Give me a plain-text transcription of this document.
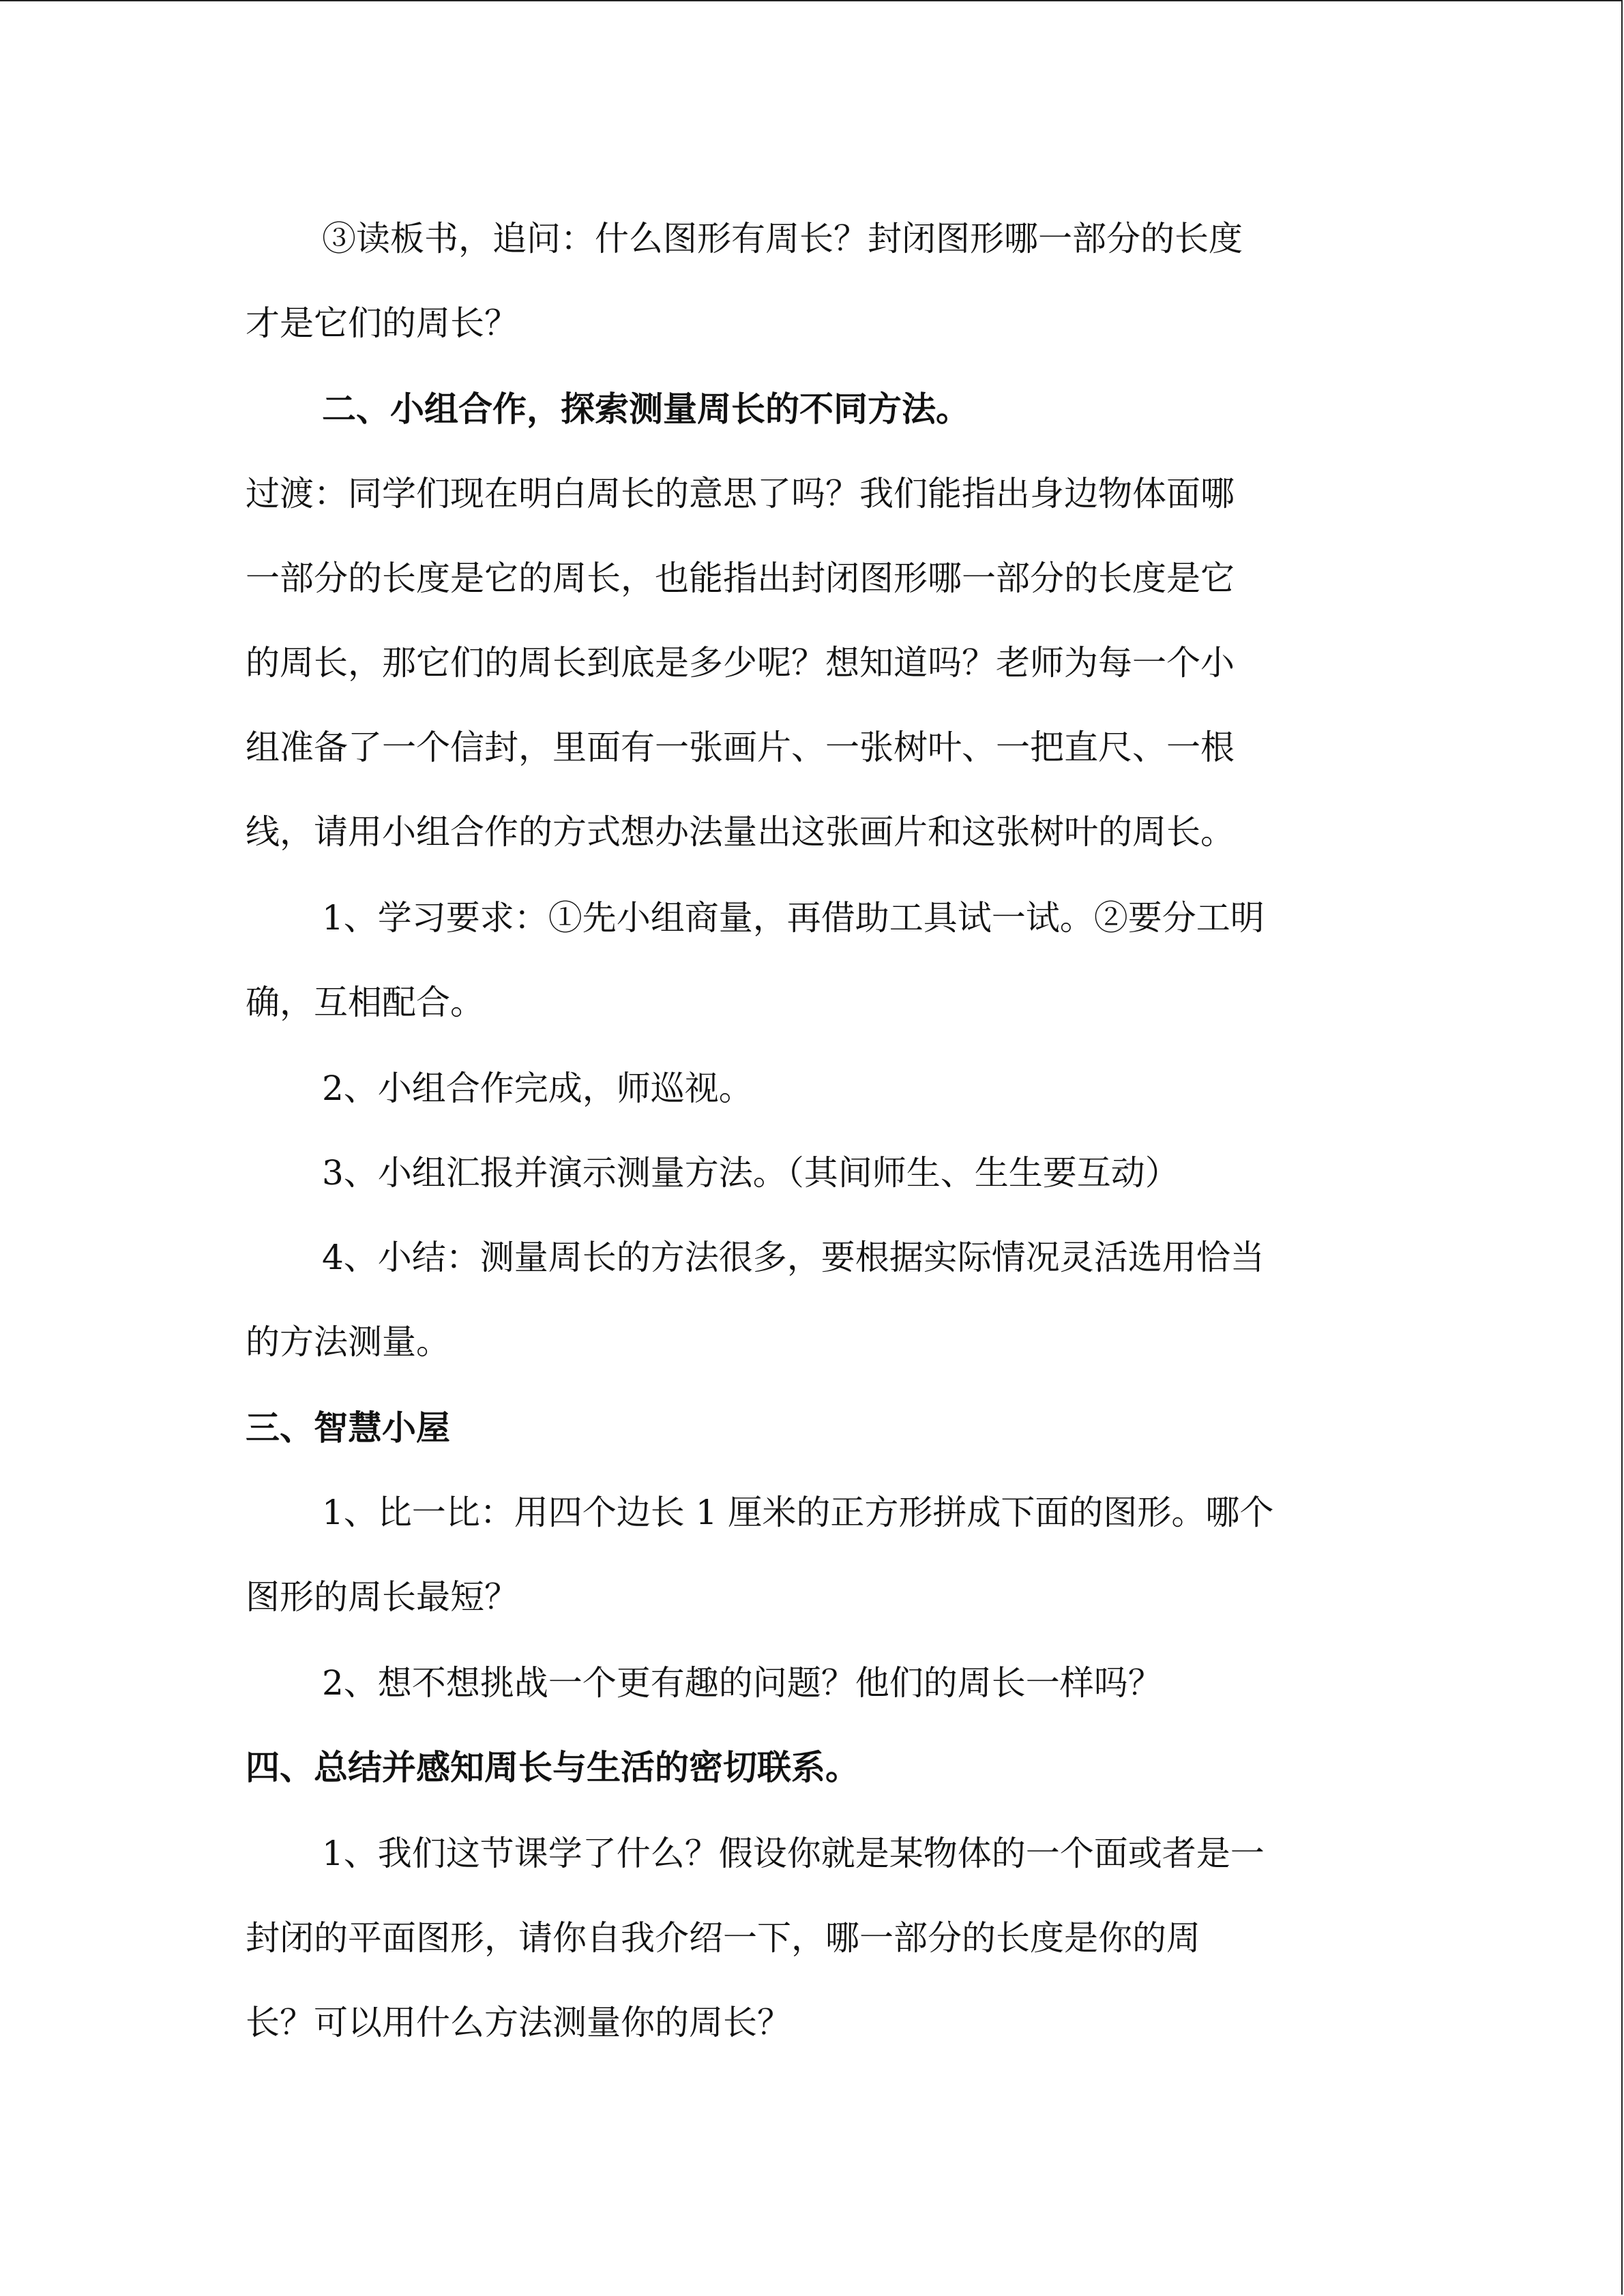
③读板书，追问：什么图形有周长？封闭图形哪一部分的长度
才是它们的周长？
二、小组合作，探索测量周长的不同方法。
过渡：同学们现在明白周长的意思了吗？我们能指出身边物体面哪
一部分的长度是它的周长，也能指出封闭图形哪一部分的长度是它
的周长，那它们的周长到底是多少呢？想知道吗？老师为每一个小
组准备了一个信封，里面有一张画片、一张树叶、一把直尺、一根
线，请用小组合作的方式想办法量出这张画片和这张树叶的周长。
1、学习要求：①先小组商量，再借助工具试一试。②要分工明
确，互相配合。
2、小组合作完成，师巡视。
3、小组汇报并演示测量方法。（其间师生、生生要互动）
4、小结：测量周长的方法很多，要根据实际情况灵活选用恰当
的方法测量。
三、智慧小屋
1、比一比：用四个边长 1 厘米的正方形拼成下面的图形。哪个
图形的周长最短？
2、想不想挑战一个更有趣的问题？他们的周长一样吗？
四、总结并感知周长与生活的密切联系。
1、我们这节课学了什么？假设你就是某物体的一个面或者是一
封闭的平面图形，请你自我介绍一下，哪一部分的长度是你的周
长？可以用什么方法测量你的周长？
